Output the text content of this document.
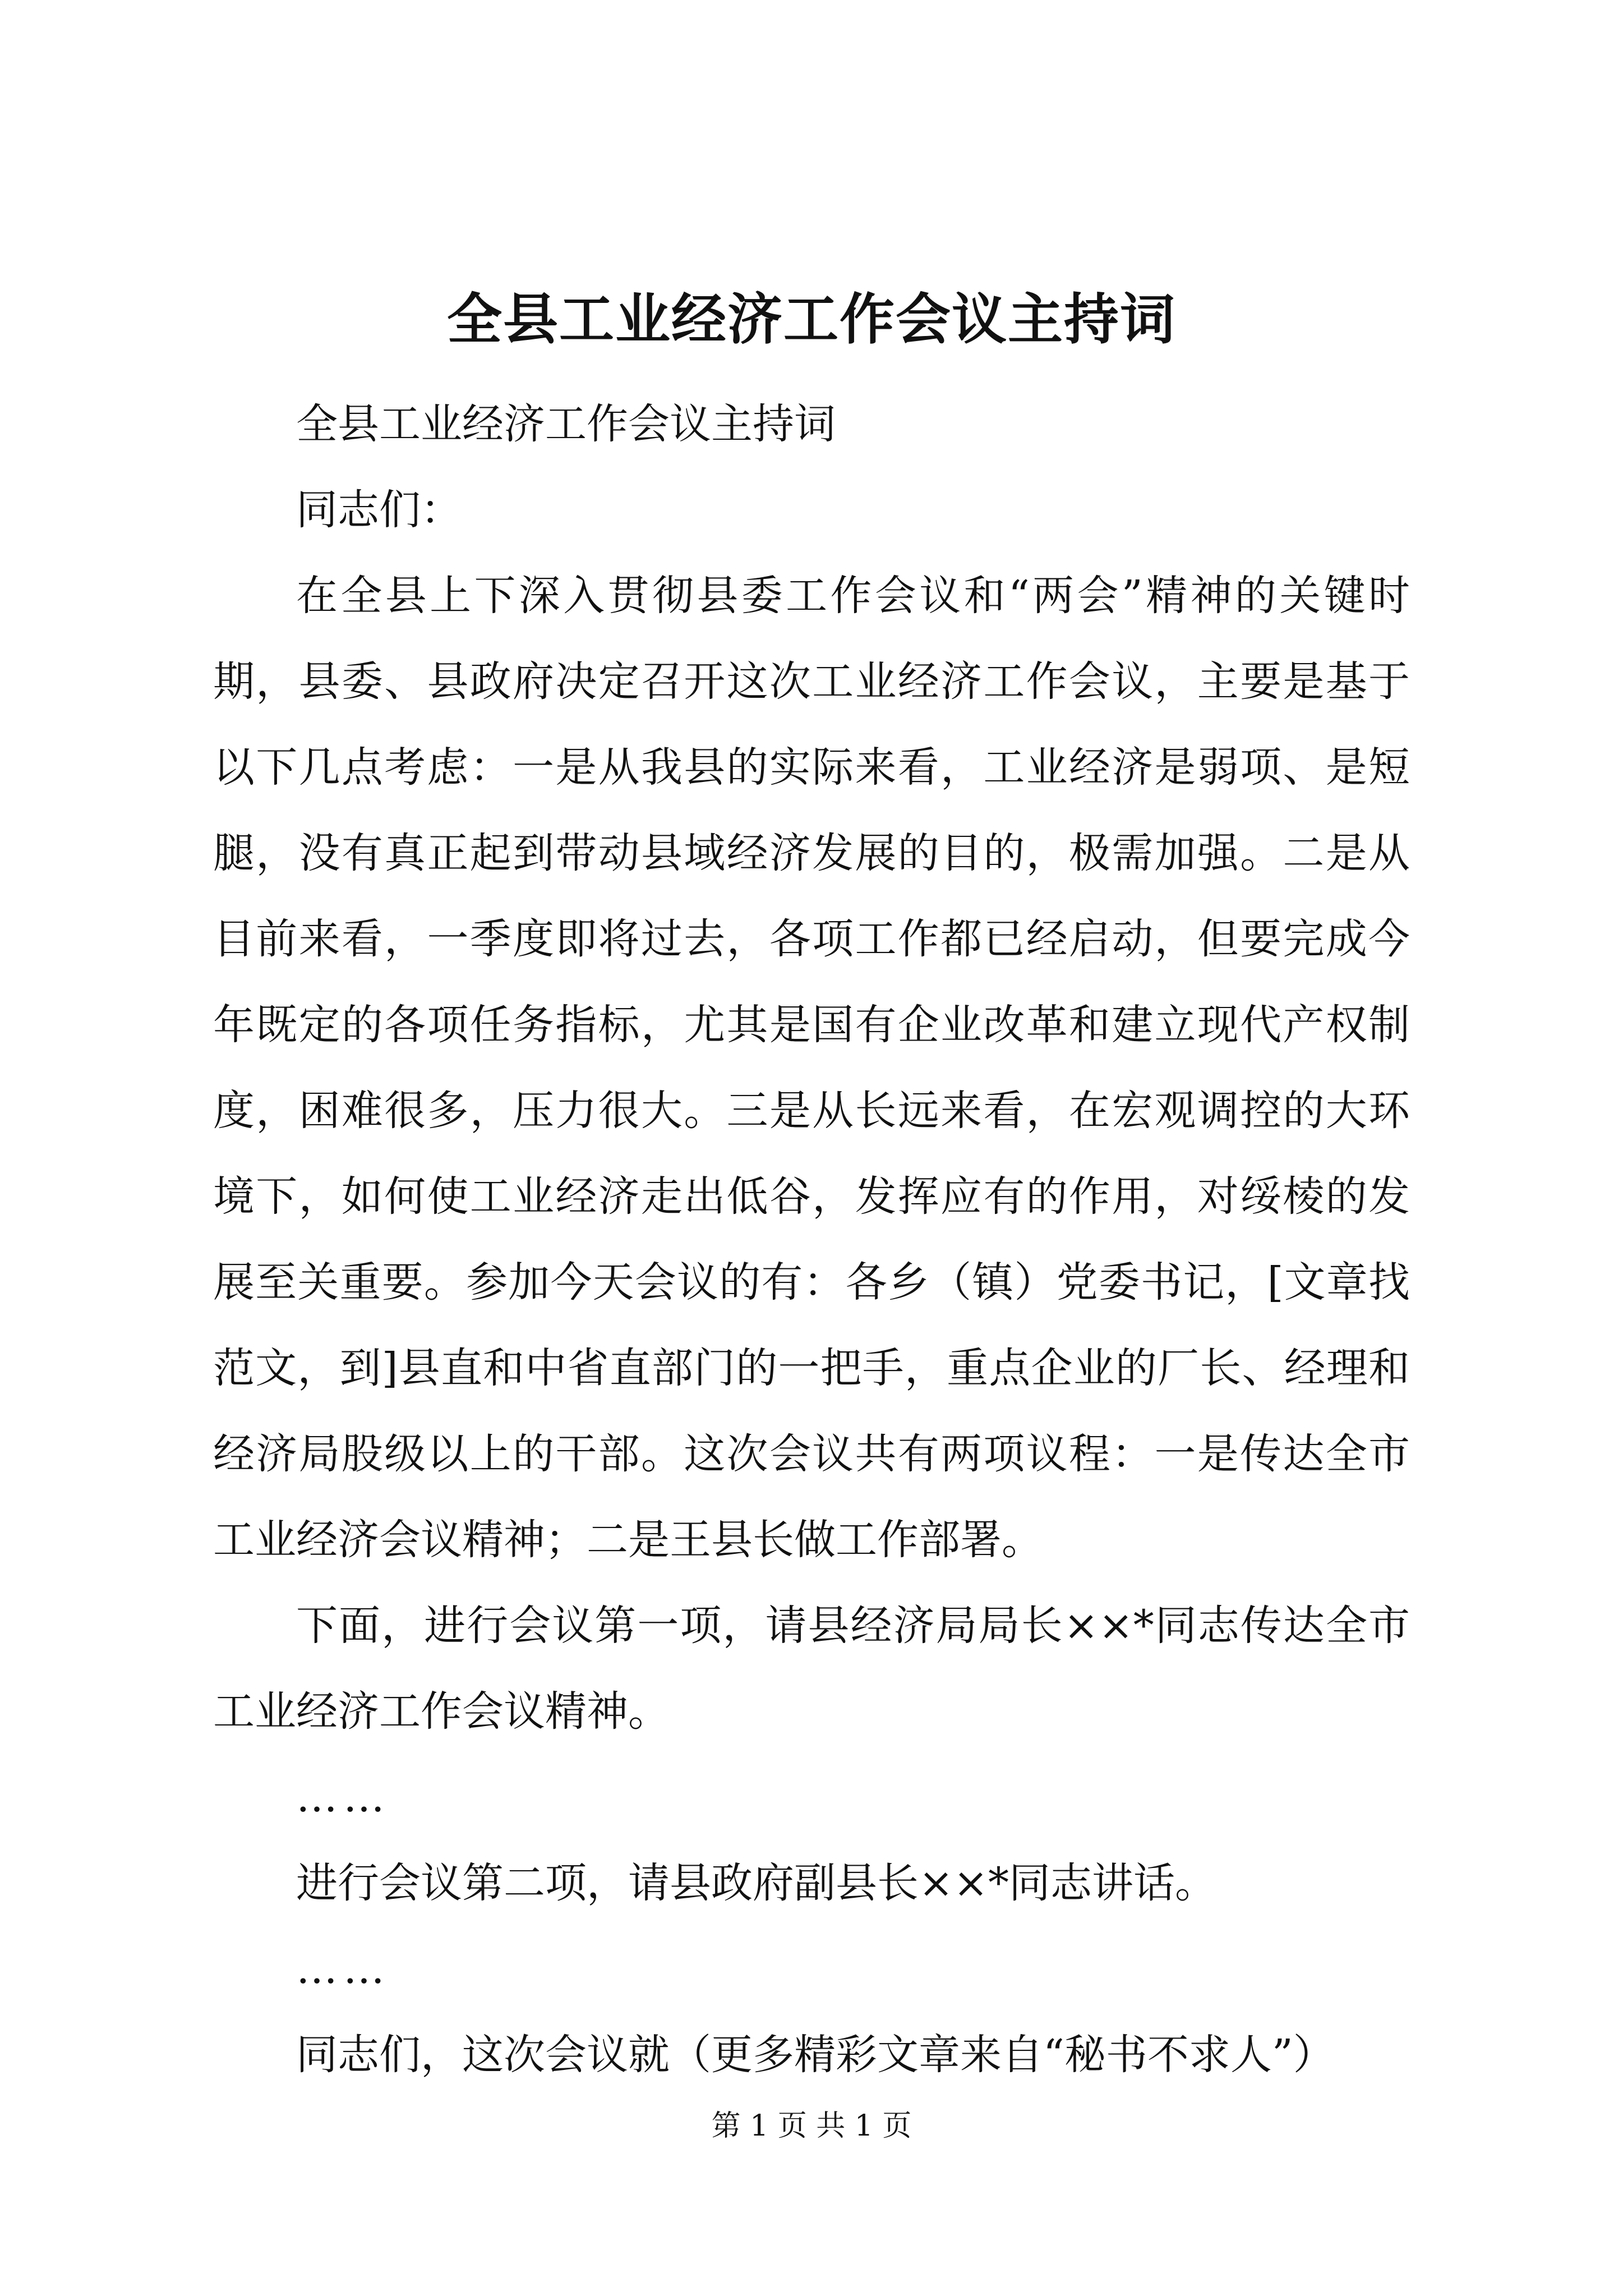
全县工业经济工作会议主持词

全县工业经济工作会议主持词

同志们：

在全县上下深入贯彻县委工作会议和“两会”精神的关键时期，县委、县政府决定召开这次工业经济工作会议，主要是基于以下几点考虑：一是从我县的实际来看，工业经济是弱项、是短腿，没有真正起到带动县域经济发展的目的，极需加强。二是从目前来看，一季度即将过去，各项工作都已经启动，但要完成今年既定的各项任务指标，尤其是国有企业改革和建立现代产权制度，困难很多，压力很大。三是从长远来看，在宏观调控的大环境下，如何使工业经济走出低谷，发挥应有的作用，对绥棱的发展至关重要。参加今天会议的有：各乡（镇）党委书记，[文章找范文，到]县直和中省直部门的一把手，重点企业的厂长、经理和经济局股级以上的干部。这次会议共有两项议程：一是传达全市工业经济会议精神；二是王县长做工作部署。

下面，进行会议第一项，请县经济局局长××*同志传达全市工业经济工作会议精神。

……

进行会议第二项，请县政府副县长××*同志讲话。

……

同志们，这次会议就（更多精彩文章来自“秘书不求人”）

第 1 页 共 1 页
